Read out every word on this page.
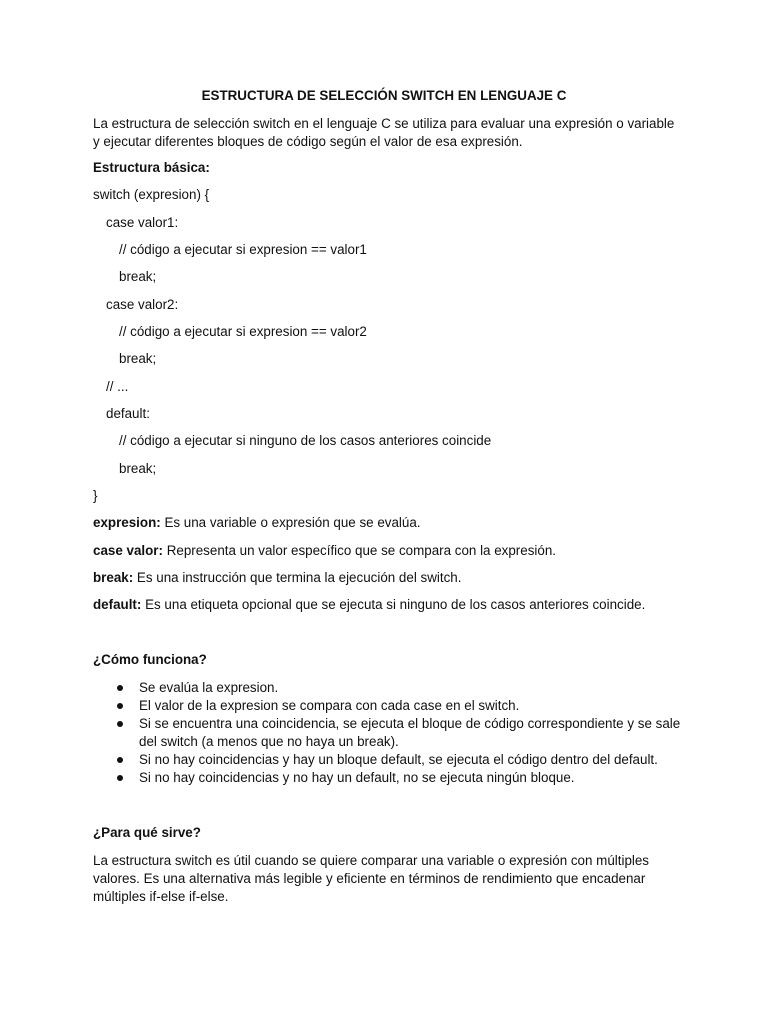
ESTRUCTURA DE SELECCIÓN SWITCH EN LENGUAJE C
La estructura de selección switch en el lenguaje C se utiliza para evaluar una expresión o variable y ejecutar diferentes bloques de código según el valor de esa expresión.
Estructura básica:
switch (expresion) {
case valor1:
// código a ejecutar si expresion == valor1
break;
case valor2:
// código a ejecutar si expresion == valor2
break;
// ...
default:
// código a ejecutar si ninguno de los casos anteriores coincide
break;
}
expresion: Es una variable o expresión que se evalúa.
case valor: Representa un valor específico que se compara con la expresión.
break: Es una instrucción que termina la ejecución del switch.
default: Es una etiqueta opcional que se ejecuta si ninguno de los casos anteriores coincide.
¿Cómo funciona?
Se evalúa la expresion.
El valor de la expresion se compara con cada case en el switch.
Si se encuentra una coincidencia, se ejecuta el bloque de código correspondiente y se sale del switch (a menos que no haya un break).
Si no hay coincidencias y hay un bloque default, se ejecuta el código dentro del default.
Si no hay coincidencias y no hay un default, no se ejecuta ningún bloque.
¿Para qué sirve?
La estructura switch es útil cuando se quiere comparar una variable o expresión con múltiples valores. Es una alternativa más legible y eficiente en términos de rendimiento que encadenar múltiples if-else if-else.
